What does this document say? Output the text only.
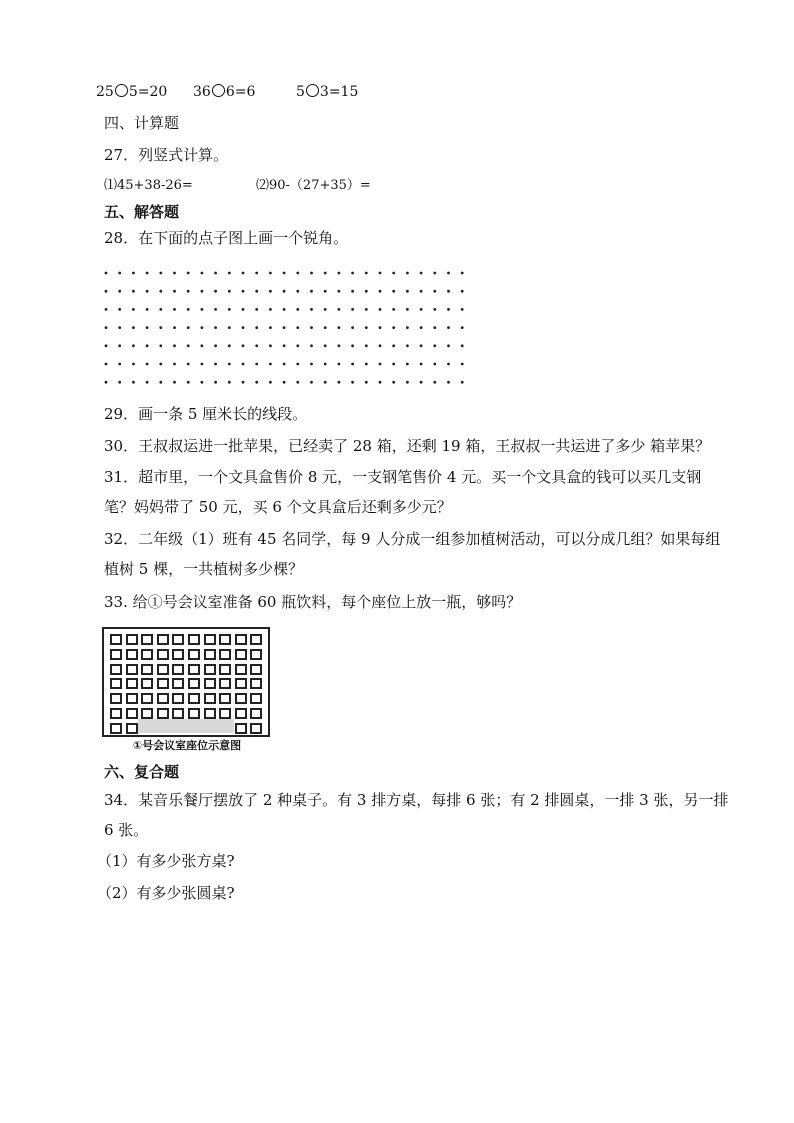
25 5=20 36 6=6	5 3=15
四、计算题
27．列竖式计算。
⑴45+38-26=	⑵90-（27+35）=
五、解答题
28．在下面的点子图上画一个锐角。
29．画一条 5 厘米长的线段。
30．王叔叔运进一批苹果，已经卖了 28 箱，还剩 19 箱，王叔叔一共运进了多少 箱苹果？
31．超市里，一个文具盒售价 8 元，一支钢笔售价 4 元。买一个文具盒的钱可以买几支钢
笔？妈妈带了 50 元，买 6 个文具盒后还剩多少元？
32．二年级（1）班有 45 名同学，每 9 人分成一组参加植树活动，可以分成几组？如果每组
植树 5 棵，一共植树多少棵？
33. 给①号会议室准备 60 瓶饮料，每个座位上放一瓶，够吗？
①号会议室座位示意图
六、复合题
34．某音乐餐厅摆放了 2 种桌子。有 3 排方桌，每排 6 张；有 2 排圆桌，一排 3 张，另一排
6 张。
（1）有多少张方桌?
（2）有多少张圆桌?
